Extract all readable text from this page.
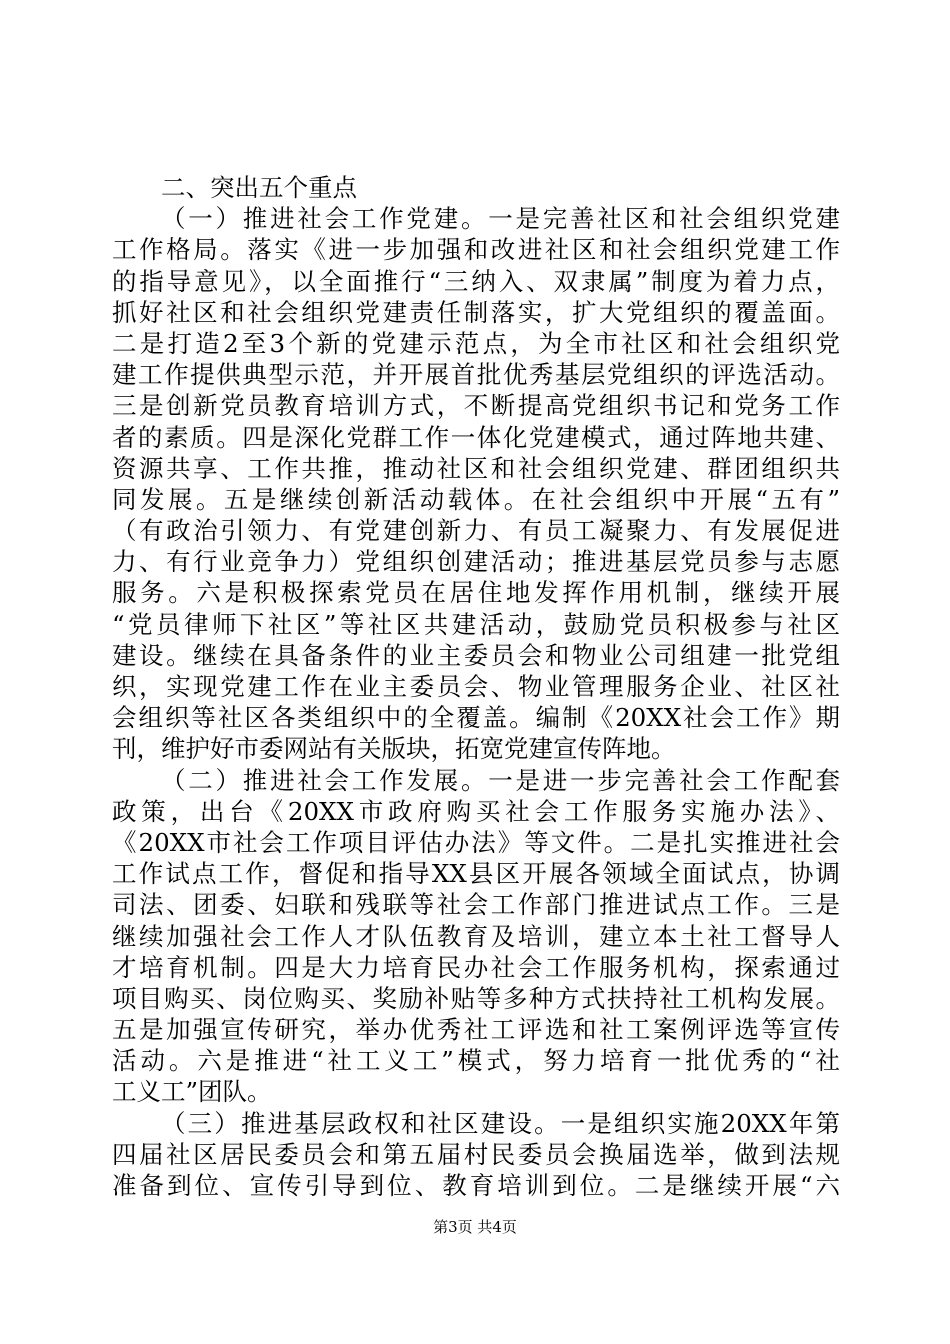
二、突出五个重点
（一）推进社会工作党建。一是完善社区和社会组织党建
工作格局。落实《进一步加强和改进社区和社会组织党建工作
的指导意见》，以全面推行“三纳入、双隶属”制度为着力点，
抓好社区和社会组织党建责任制落实，扩大党组织的覆盖面。
二是打造2至3个新的党建示范点，为全市社区和社会组织党
建工作提供典型示范，并开展首批优秀基层党组织的评选活动。
三是创新党员教育培训方式，不断提高党组织书记和党务工作
者的素质。四是深化党群工作一体化党建模式，通过阵地共建、
资源共享、工作共推，推动社区和社会组织党建、群团组织共
同发展。五是继续创新活动载体。在社会组织中开展“五有”
（有政治引领力、有党建创新力、有员工凝聚力、有发展促进
力、有行业竞争力）党组织创建活动；推进基层党员参与志愿
服务。六是积极探索党员在居住地发挥作用机制，继续开展
“党员律师下社区”等社区共建活动，鼓励党员积极参与社区
建设。继续在具备条件的业主委员会和物业公司组建一批党组
织，实现党建工作在业主委员会、物业管理服务企业、社区社
会组织等社区各类组织中的全覆盖。编制《20XX社会工作》期
刊，维护好市委网站有关版块，拓宽党建宣传阵地。
（二）推进社会工作发展。一是进一步完善社会工作配套
政策，出台《20XX市政府购买社会工作服务实施办法》、
《20XX市社会工作项目评估办法》等文件。二是扎实推进社会
工作试点工作，督促和指导XX县区开展各领域全面试点，协调
司法、团委、妇联和残联等社会工作部门推进试点工作。三是
继续加强社会工作人才队伍教育及培训，建立本土社工督导人
才培育机制。四是大力培育民办社会工作服务机构，探索通过
项目购买、岗位购买、奖励补贴等多种方式扶持社工机构发展。
五是加强宣传研究，举办优秀社工评选和社工案例评选等宣传
活动。六是推进“社工义工”模式，努力培育一批优秀的“社
工义工”团队。
（三）推进基层政权和社区建设。一是组织实施20XX年第
四届社区居民委员会和第五届村民委员会换届选举，做到法规
准备到位、宣传引导到位、教育培训到位。二是继续开展“六
第3页 共4页
